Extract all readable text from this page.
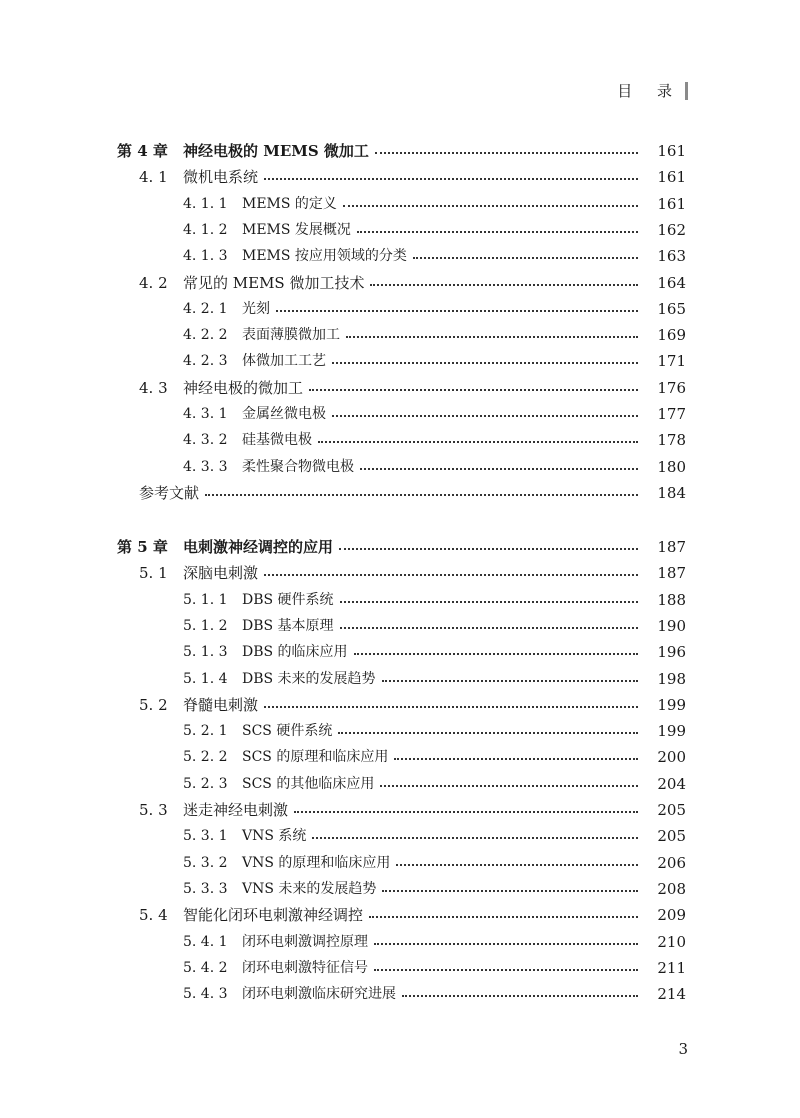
目 录
第 4 章 神经电极的 MEMS 微加工	161
4. 1 微机电系统	161
4. 1. 1 MEMS 的定义	161
4. 1. 2 MEMS 发展概况	162
4. 1. 3 MEMS 按应用领域的分类	163
4. 2 常见的 MEMS 微加工技术	164
4. 2. 1 光刻	165
4. 2. 2 表面薄膜微加工	169
4. 2. 3 体微加工工艺	171
4. 3 神经电极的微加工	176
4. 3. 1 金属丝微电极	177
4. 3. 2 硅基微电极	178
4. 3. 3 柔性聚合物微电极	180
参考文献	184
第 5 章 电刺激神经调控的应用	187
5. 1 深脑电刺激	187
5. 1. 1 DBS 硬件系统	188
5. 1. 2 DBS 基本原理	190
5. 1. 3 DBS 的临床应用	196
5. 1. 4 DBS 未来的发展趋势	198
5. 2 脊髓电刺激	199
5. 2. 1 SCS 硬件系统	199
5. 2. 2 SCS 的原理和临床应用	200
5. 2. 3 SCS 的其他临床应用	204
5. 3 迷走神经电刺激	205
5. 3. 1 VNS 系统	205
5. 3. 2 VNS 的原理和临床应用	206
5. 3. 3 VNS 未来的发展趋势	208
5. 4 智能化闭环电刺激神经调控	209
5. 4. 1 闭环电刺激调控原理	210
5. 4. 2 闭环电刺激特征信号	211
5. 4. 3 闭环电刺激临床研究进展	214
3
